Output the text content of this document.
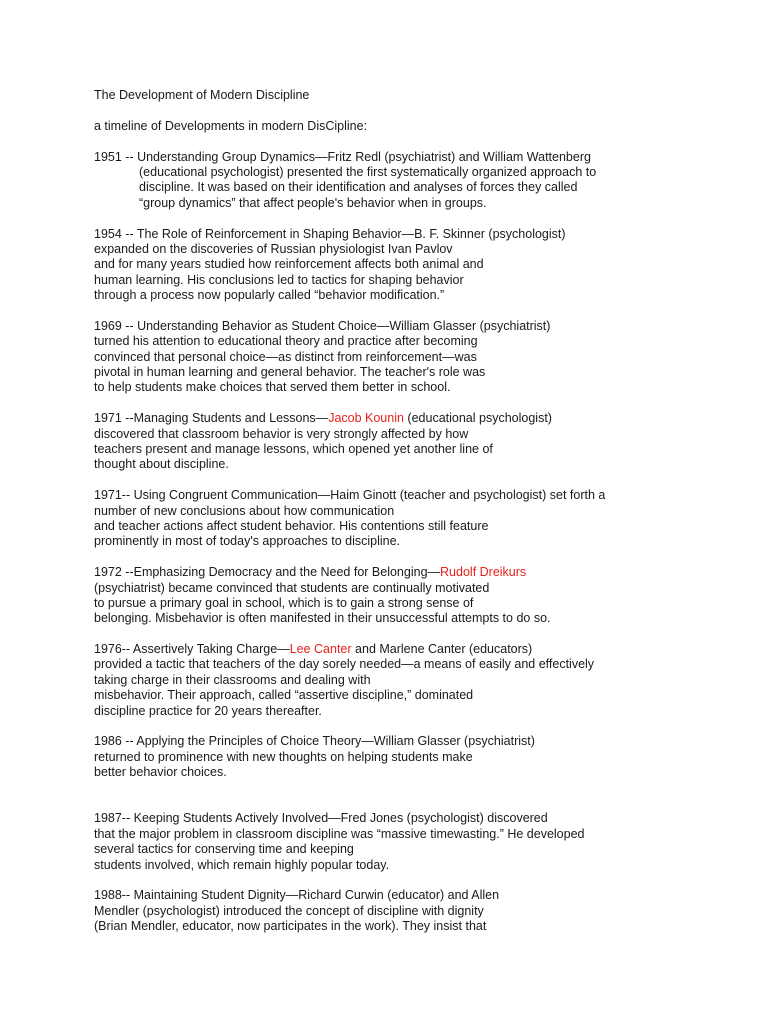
The Development of Modern Discipline
a timeline of Developments in modern DisCipline:
1951 -- Understanding Group Dynamics—Fritz Redl (psychiatrist) and William Wattenberg
(educational psychologist) presented the first systematically organized approach to
discipline. It was based on their identification and analyses of forces they called
“group dynamics” that affect people's behavior when in groups.
1954 -- The Role of Reinforcement in Shaping Behavior—B. F. Skinner (psychologist)
expanded on the discoveries of Russian physiologist Ivan Pavlov
and for many years studied how reinforcement affects both animal and
human learning. His conclusions led to tactics for shaping behavior
through a process now popularly called “behavior modification.”
1969 -- Understanding Behavior as Student Choice—William Glasser (psychiatrist)
turned his attention to educational theory and practice after becoming
convinced that personal choice—as distinct from reinforcement—was
pivotal in human learning and general behavior. The teacher's role was
to help students make choices that served them better in school.
1971 --Managing Students and Lessons—Jacob Kounin (educational psychologist)
discovered that classroom behavior is very strongly affected by how
teachers present and manage lessons, which opened yet another line of
thought about discipline.
1971-- Using Congruent Communication—Haim Ginott (teacher and psychologist) set forth a
number of new conclusions about how communication
and teacher actions affect student behavior. His contentions still feature
prominently in most of today's approaches to discipline.
1972 --Emphasizing Democracy and the Need for Belonging—Rudolf Dreikurs
(psychiatrist) became convinced that students are continually motivated
to pursue a primary goal in school, which is to gain a strong sense of
belonging. Misbehavior is often manifested in their unsuccessful attempts to do so.
1976-- Assertively Taking Charge—Lee Canter and Marlene Canter (educators)
provided a tactic that teachers of the day sorely needed—a means of easily and effectively
taking charge in their classrooms and dealing with
misbehavior. Their approach, called “assertive discipline,” dominated
discipline practice for 20 years thereafter.
1986 -- Applying the Principles of Choice Theory—William Glasser (psychiatrist)
returned to prominence with new thoughts on helping students make
better behavior choices.
1987-- Keeping Students Actively Involved—Fred Jones (psychologist) discovered
that the major problem in classroom discipline was “massive timewasting.” He developed
several tactics for conserving time and keeping
students involved, which remain highly popular today.
1988-- Maintaining Student Dignity—Richard Curwin (educator) and Allen
Mendler (psychologist) introduced the concept of discipline with dignity
(Brian Mendler, educator, now participates in the work). They insist that
